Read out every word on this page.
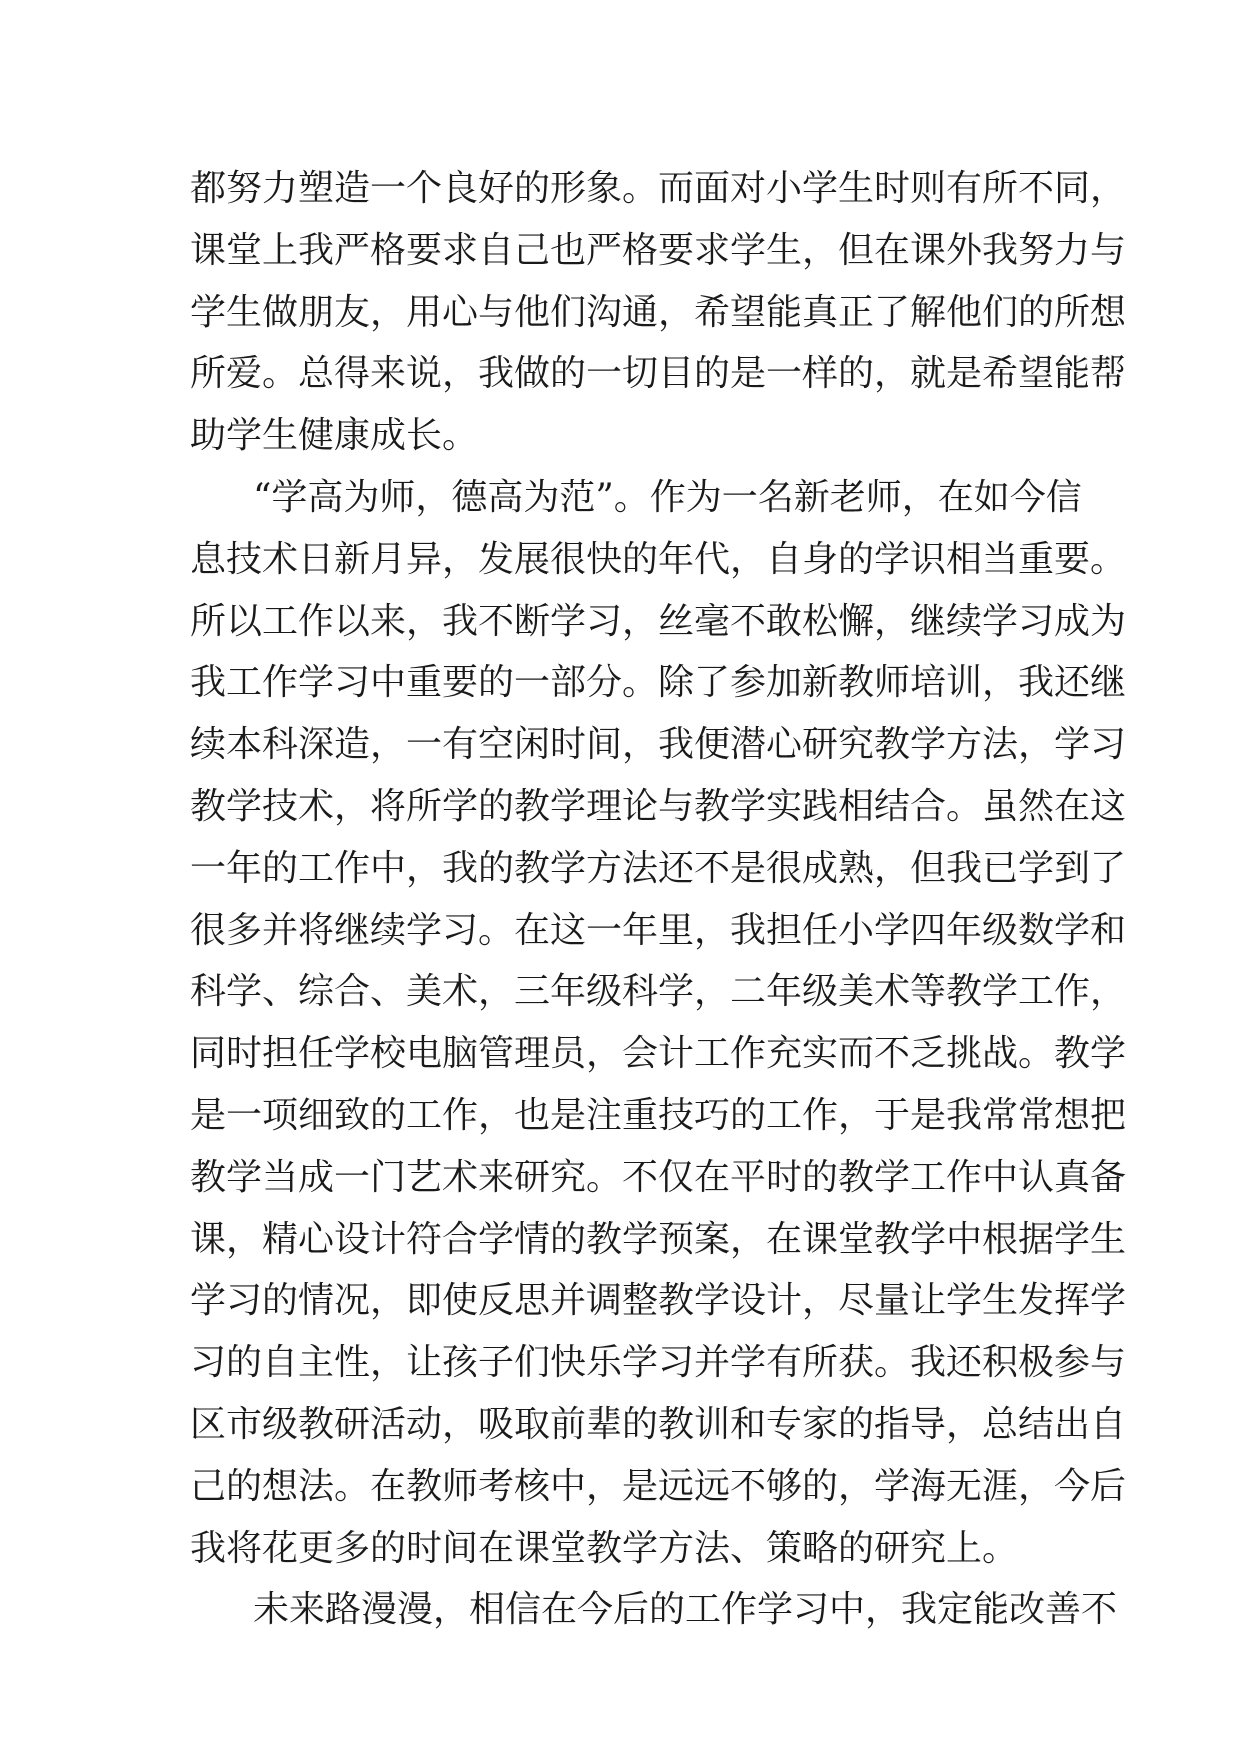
都努力塑造一个良好的形象。而面对小学生时则有所不同，
课堂上我严格要求自己也严格要求学生，但在课外我努力与
学生做朋友，用心与他们沟通，希望能真正了解他们的所想
所爱。总得来说，我做的一切目的是一样的，就是希望能帮
助学生健康成长。
“学高为师，德高为范”。作为一名新老师，在如今信
息技术日新月异，发展很快的年代，自身的学识相当重要。
所以工作以来，我不断学习，丝毫不敢松懈，继续学习成为
我工作学习中重要的一部分。除了参加新教师培训，我还继
续本科深造，一有空闲时间，我便潜心研究教学方法，学习
教学技术，将所学的教学理论与教学实践相结合。虽然在这
一年的工作中，我的教学方法还不是很成熟，但我已学到了
很多并将继续学习。在这一年里，我担任小学四年级数学和
科学、综合、美术，三年级科学，二年级美术等教学工作，
同时担任学校电脑管理员，会计工作充实而不乏挑战。教学
是一项细致的工作，也是注重技巧的工作，于是我常常想把
教学当成一门艺术来研究。不仅在平时的教学工作中认真备
课，精心设计符合学情的教学预案，在课堂教学中根据学生
学习的情况，即使反思并调整教学设计，尽量让学生发挥学
习的自主性，让孩子们快乐学习并学有所获。我还积极参与
区市级教研活动，吸取前辈的教训和专家的指导，总结出自
己的想法。在教师考核中，是远远不够的，学海无涯，今后
我将花更多的时间在课堂教学方法、策略的研究上。
未来路漫漫，相信在今后的工作学习中，我定能改善不
